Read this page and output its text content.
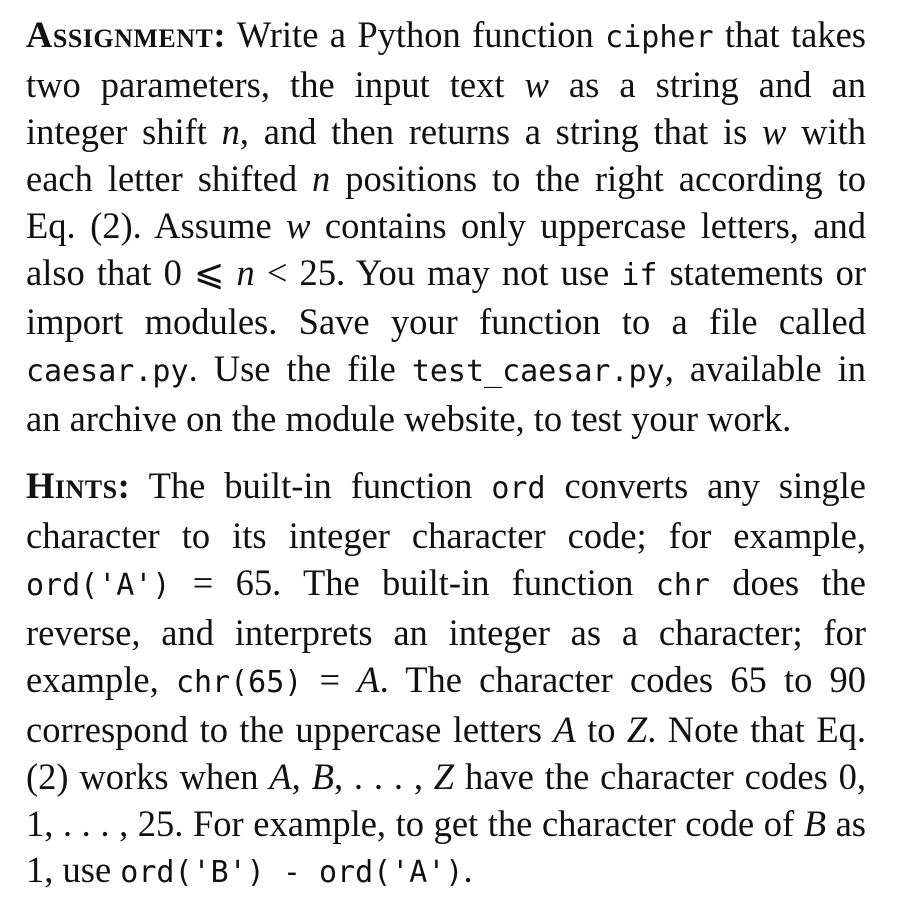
Assignment: Write a Python function cipher that takes two parameters, the input text w as a string and an integer shift n, and then returns a string that is w with each letter shifted n positions to the right according to Eq. (2). Assume w contains only uppercase letters, and also that 0 ⩽ n < 25. You may not use if statements or import modules. Save your function to a file called caesar.py. Use the file test_caesar.py, available in an archive on the module website, to test your work.

Hints: The built-in function ord converts any single character to its integer character code; for example, ord('A') = 65. The built-in function chr does the reverse, and interprets an integer as a character; for example, chr(65) = A. The character codes 65 to 90 correspond to the uppercase letters A to Z. Note that Eq. (2) works when A, B, . . . , Z have the character codes 0, 1, . . . , 25. For example, to get the character code of B as 1, use ord('B') - ord('A').
